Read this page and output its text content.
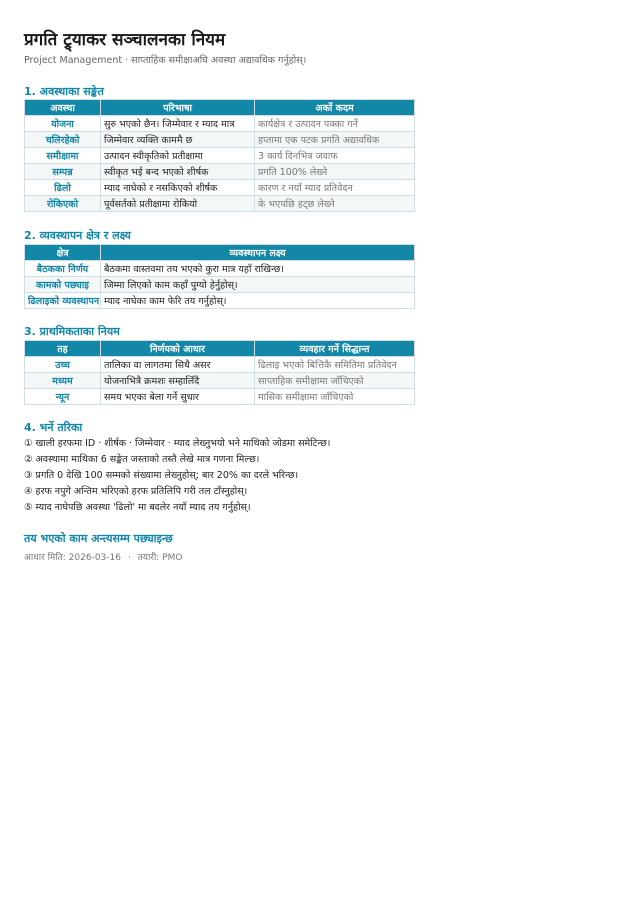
प्रगति ट्र्याकर सञ्चालनका नियम
Project Management · साप्ताहिक समीक्षाअघि अवस्था अद्यावधिक गर्नुहोस्।
1. अवस्थाका सङ्केत
अवस्था	परिभाषा	अर्को कदम
योजना	सुरु भएको छैन। जिम्मेवार र म्याद मात्र	कार्यक्षेत्र र उत्पादन पक्का गर्ने
चलिरहेको	जिम्मेवार व्यक्ति काममै छ	हप्तामा एक पटक प्रगति अद्यावधिक
समीक्षामा	उत्पादन स्वीकृतिको प्रतीक्षामा	3 कार्य दिनभित्र जवाफ
सम्पन्न	स्वीकृत भई बन्द भएको शीर्षक	प्रगति 100% लेख्ने
ढिलो	म्याद नाघेको र नसकिएको शीर्षक	कारण र नयाँ म्याद प्रतिवेदन
रोकिएको	पूर्वसर्तको प्रतीक्षामा रोकियो	के भएपछि हट्छ लेख्ने
2. व्यवस्थापन क्षेत्र र लक्ष्य
क्षेत्र	व्यवस्थापन लक्ष्य
बैठकका निर्णय	बैठकमा वास्तवमा तय भएको कुरा मात्र यहाँ राखिन्छ।
कामको पछ्याइ	जिम्मा लिएको काम कहाँ पुग्यो हेर्नुहोस्।
ढिलाइको व्यवस्थापन	म्याद नाघेका काम फेरि तय गर्नुहोस्।
3. प्राथमिकताका नियम
तह	निर्णयको आधार	व्यवहार गर्ने सिद्धान्त
उच्च	तालिका वा लागतमा सिधै असर	ढिलाइ भएको बित्तिकै समितिमा प्रतिवेदन
मध्यम	योजनाभित्रै क्रमशः सम्हालिँदै	साप्ताहिक समीक्षामा जाँचिएको
न्यून	समय भएका बेला गर्ने सुधार	मासिक समीक्षामा जाँचिएको
4. भर्ने तरिका
① खाली हरफमा ID · शीर्षक · जिम्मेवार · म्याद लेख्नुभयो भने माथिको जोडमा समेटिन्छ।
② अवस्थामा माथिका 6 सङ्केत जस्ताको तस्तै लेखे मात्र गणना मिल्छ।
③ प्रगति 0 देखि 100 सम्मको संख्यामा लेख्नुहोस्; बार 20% का दरले भरिन्छ।
④ हरफ नपुगे अन्तिम भरिएको हरफ प्रतिलिपि गरी तल टाँस्नुहोस्।
⑤ म्याद नाघेपछि अवस्था 'ढिलो' मा बदलेर नयाँ म्याद तय गर्नुहोस्।
तय भएको काम अन्त्यसम्म पछ्याइन्छ
आधार मिति: 2026-03-16 · तयारी: PMO
